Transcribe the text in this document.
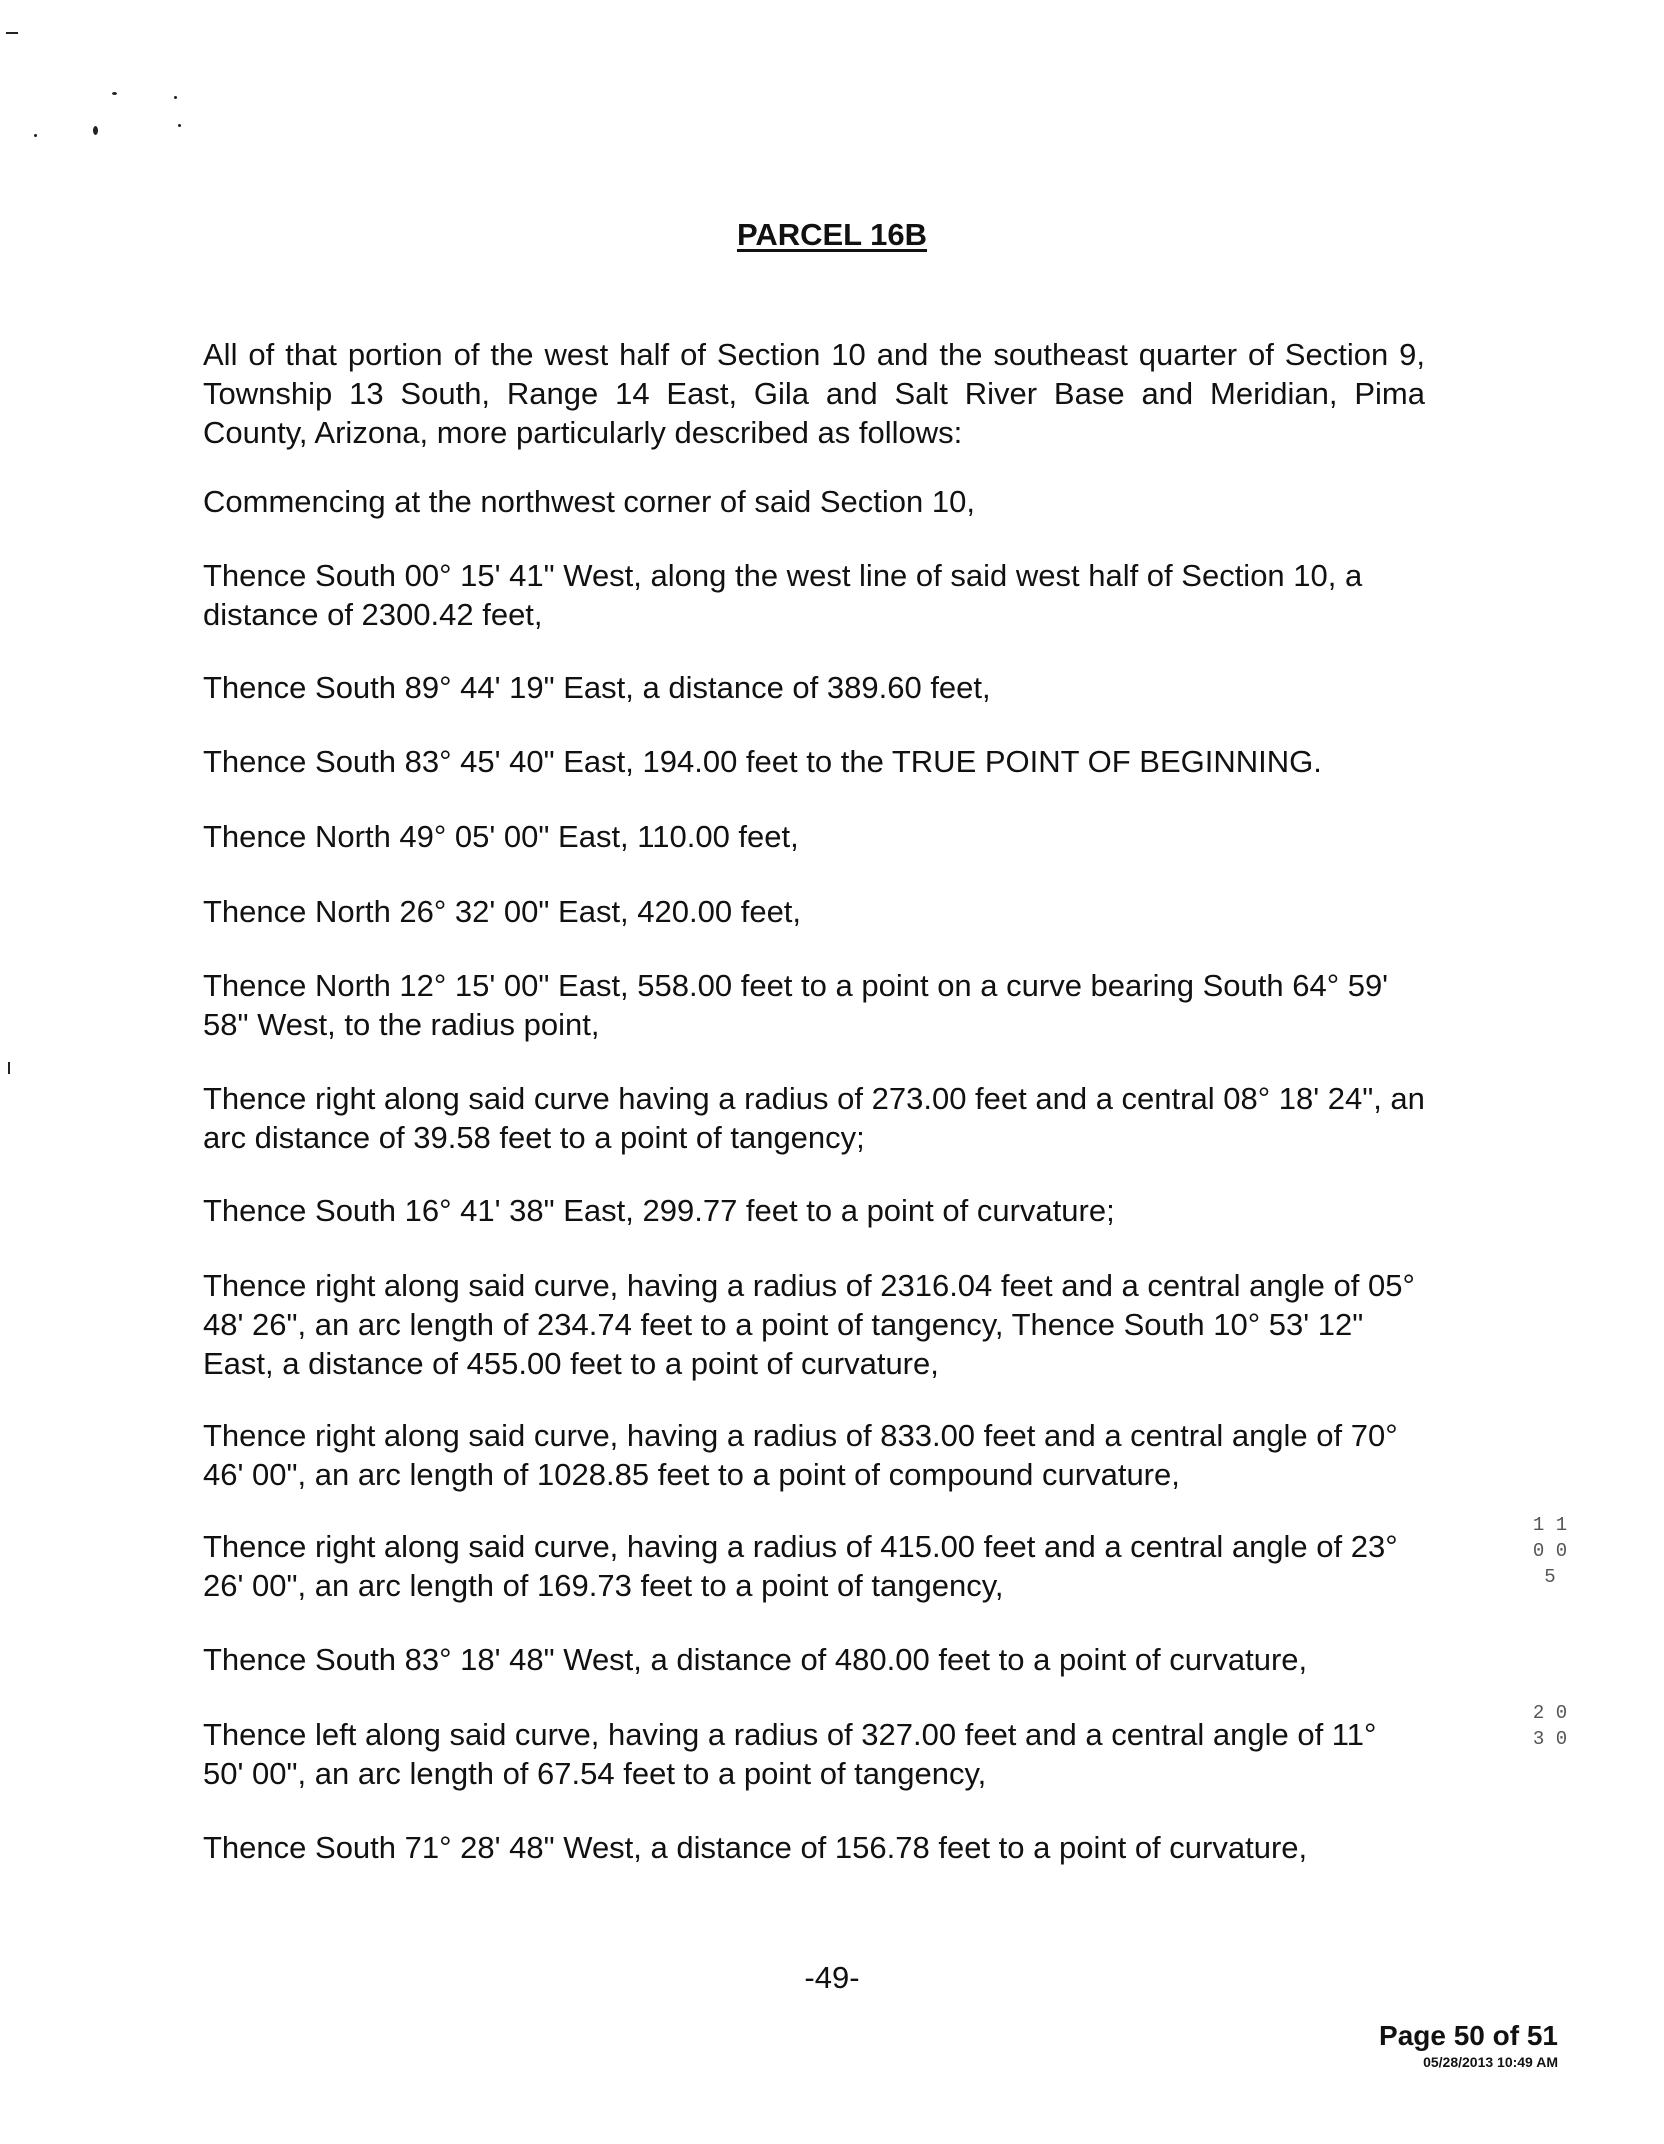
PARCEL 16B

All of that portion of the west half of Section 10 and the southeast quarter of Section 9, Township 13 South, Range 14 East, Gila and Salt River Base and Meridian, Pima County, Arizona, more particularly described as follows:

Commencing at the northwest corner of said Section 10,

Thence South 00° 15' 41" West, along the west line of said west half of Section 10, a distance of 2300.42 feet,

Thence South 89° 44' 19" East, a distance of 389.60 feet,

Thence South 83° 45' 40" East, 194.00 feet to the TRUE POINT OF BEGINNING.

Thence North 49° 05' 00" East, 110.00 feet,

Thence North 26° 32' 00" East, 420.00 feet,

Thence North 12° 15' 00" East, 558.00 feet to a point on a curve bearing South 64° 59' 58" West, to the radius point,

Thence right along said curve having a radius of 273.00 feet and a central 08° 18' 24", an arc distance of 39.58 feet to a point of tangency;

Thence South 16° 41' 38" East, 299.77 feet to a point of curvature;

Thence right along said curve, having a radius of 2316.04 feet and a central angle of 05° 48' 26", an arc length of 234.74 feet to a point of tangency, Thence South 10° 53' 12" East, a distance of 455.00 feet to a point of curvature,

Thence right along said curve, having a radius of 833.00 feet and a central angle of 70° 46' 00", an arc length of 1028.85 feet to a point of compound curvature,

Thence right along said curve, having a radius of 415.00 feet and a central angle of 23° 26' 00", an arc length of 169.73 feet to a point of tangency,

Thence South 83° 18' 48" West, a distance of 480.00 feet to a point of curvature,

Thence left along said curve, having a radius of 327.00 feet and a central angle of 11° 50' 00", an arc length of 67.54 feet to a point of tangency,

Thence South 71° 28' 48" West, a distance of 156.78 feet to a point of curvature,

1 1 0 0 5
2 0 3 0
-49-
Page 50 of 51
05/28/2013 10:49 AM
